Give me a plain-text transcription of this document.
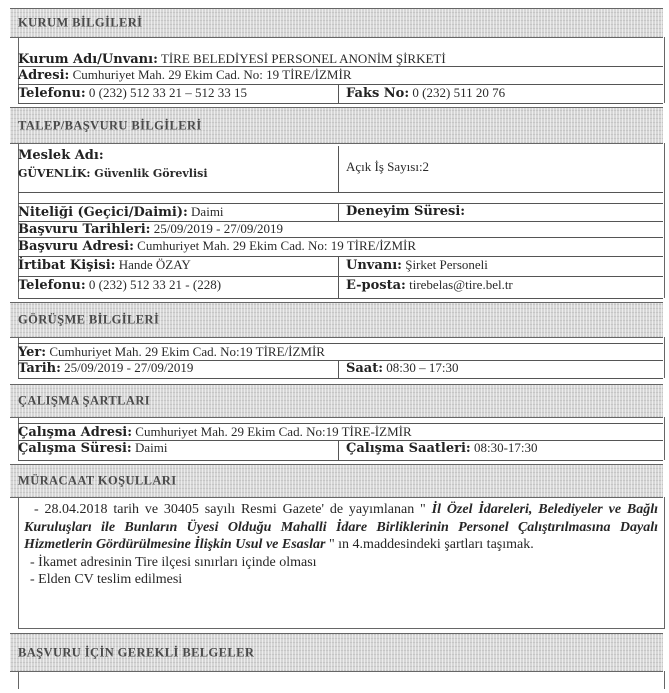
KURUM BİLGİLERİ
Kurum Adı/Unvanı: TİRE BELEDİYESİ PERSONEL ANONİM ŞİRKETİ
Adresi: Cumhuriyet Mah. 29 Ekim Cad. No: 19 TİRE/İZMİR
Telefonu: 0 (232) 512 33 21 – 512 33 15	Faks No: 0 (232) 511 20 76
TALEP/BAŞVURU BİLGİLERİ
Meslek Adı:
GÜVENLİK: Güvenlik Görevlisi	Açık İş Sayısı:2
Niteliği (Geçici/Daimi): Daimi	Deneyim Süresi:
Başvuru Tarihleri: 25/09/2019 - 27/09/2019
Başvuru Adresi: Cumhuriyet Mah. 29 Ekim Cad. No: 19 TİRE/İZMİR
İrtibat Kişisi: Hande ÖZAY	Unvanı: Şirket Personeli
Telefonu: 0 (232) 512 33 21 - (228)	E-posta: tirebelas@tire.bel.tr
GÖRÜŞME BİLGİLERİ
Yer: Cumhuriyet Mah. 29 Ekim Cad. No:19 TİRE/İZMİR
Tarih: 25/09/2019 - 27/09/2019	Saat: 08:30 – 17:30
ÇALIŞMA ŞARTLARI
Çalışma Adresi: Cumhuriyet Mah. 29 Ekim Cad. No:19 TİRE-İZMİR
Çalışma Süresi: Daimi	Çalışma Saatleri: 08:30-17:30
MÜRACAAT KOŞULLARI

- 28.04.2018 tarih ve 30405 sayılı Resmi Gazete' de yayımlanan " İl Özel İdareleri, Belediyeler ve Bağlı Kuruluşları ile Bunların Üyesi Olduğu Mahalli İdare Birliklerinin Personel Çalıştırılmasına Dayalı Hizmetlerin Gördürülmesine İlişkin Usul ve Esaslar " ın 4.maddesindeki şartları taşımak.

- İkamet adresinin Tire ilçesi sınırları içinde olması

- Elden CV teslim edilmesi

BAŞVURU İÇİN GEREKLİ BELGELER
